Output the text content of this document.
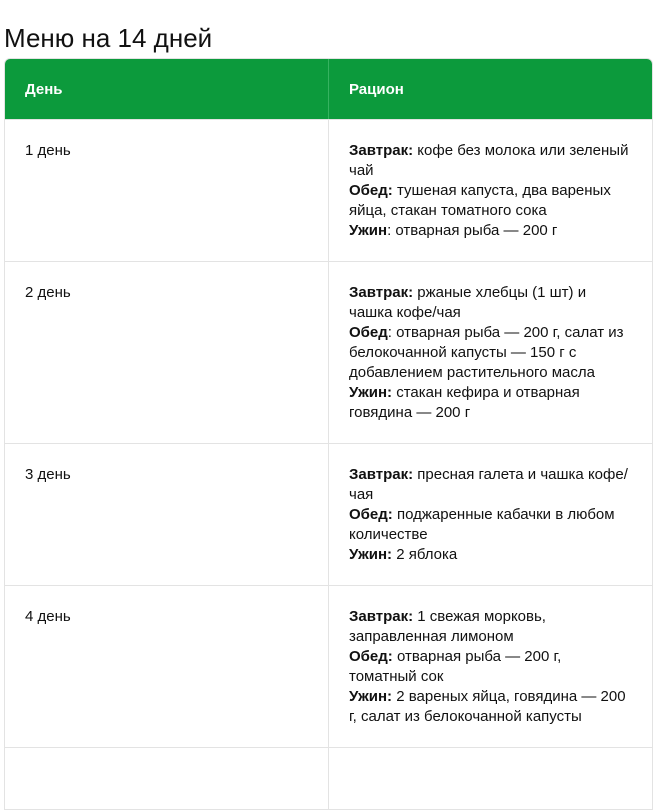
Меню на 14 дней
День	Рацион
1 день	Завтрак: кофе без молока или зеленый чай
Обед: тушеная капуста, два вареных яйца, стакан томатного сока
Ужин: отварная рыба — 200 г
2 день	Завтрак: ржаные хлебцы (1 шт) и чашка кофе/чая
Обед: отварная рыба — 200 г, салат из белокочанной капусты — 150 г с добавлением растительного масла
Ужин: стакан кефира и отварная говядина — 200 г
3 день	Завтрак: пресная галета и чашка кофе/чая
Обед: поджаренные кабачки в любом количестве
Ужин: 2 яблока
4 день	Завтрак: 1 свежая морковь, заправленная лимоном
Обед: отварная рыба — 200 г, томатный сок
Ужин: 2 вареных яйца, говядина — 200 г, салат из белокочанной капусты
